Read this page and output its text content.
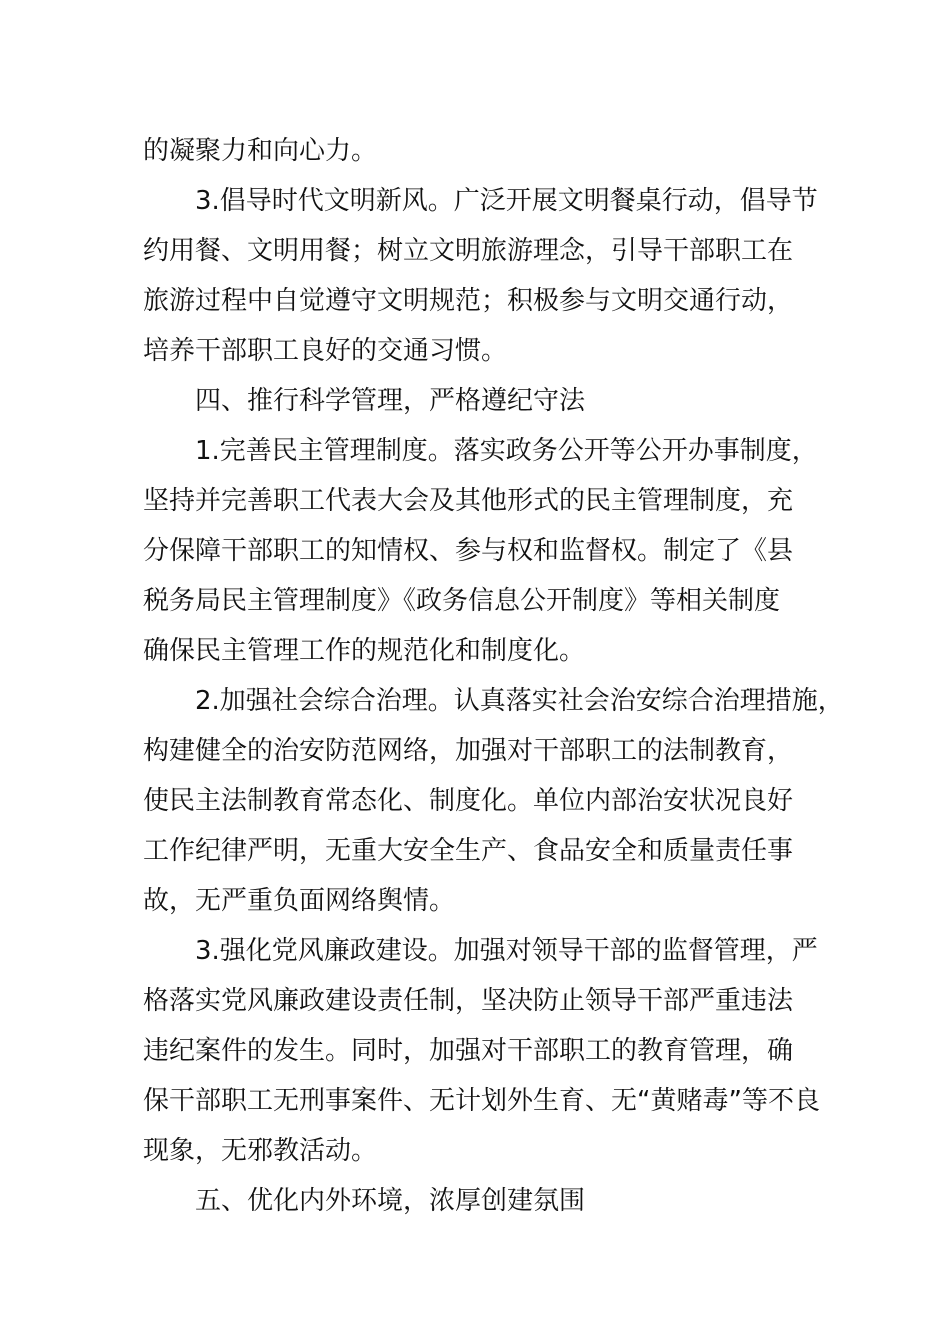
的凝聚力和向心力。
3.倡导时代文明新风。广泛开展文明餐桌行动，倡导节
约用餐、文明用餐；树立文明旅游理念，引导干部职工在
旅游过程中自觉遵守文明规范；积极参与文明交通行动，
培养干部职工良好的交通习惯。
四、推行科学管理，严格遵纪守法
1.完善民主管理制度。落实政务公开等公开办事制度，
坚持并完善职工代表大会及其他形式的民主管理制度，充
分保障干部职工的知情权、参与权和监督权。制定了《县
税务局民主管理制度》《政务信息公开制度》等相关制度
确保民主管理工作的规范化和制度化。
2.加强社会综合治理。认真落实社会治安综合治理措施，
构建健全的治安防范网络，加强对干部职工的法制教育，
使民主法制教育常态化、制度化。单位内部治安状况良好
工作纪律严明，无重大安全生产、食品安全和质量责任事
故，无严重负面网络舆情。
3.强化党风廉政建设。加强对领导干部的监督管理，严
格落实党风廉政建设责任制，坚决防止领导干部严重违法
违纪案件的发生。同时，加强对干部职工的教育管理，确
保干部职工无刑事案件、无计划外生育、无“黄赌毒”等不良
现象，无邪教活动。
五、优化内外环境，浓厚创建氛围
